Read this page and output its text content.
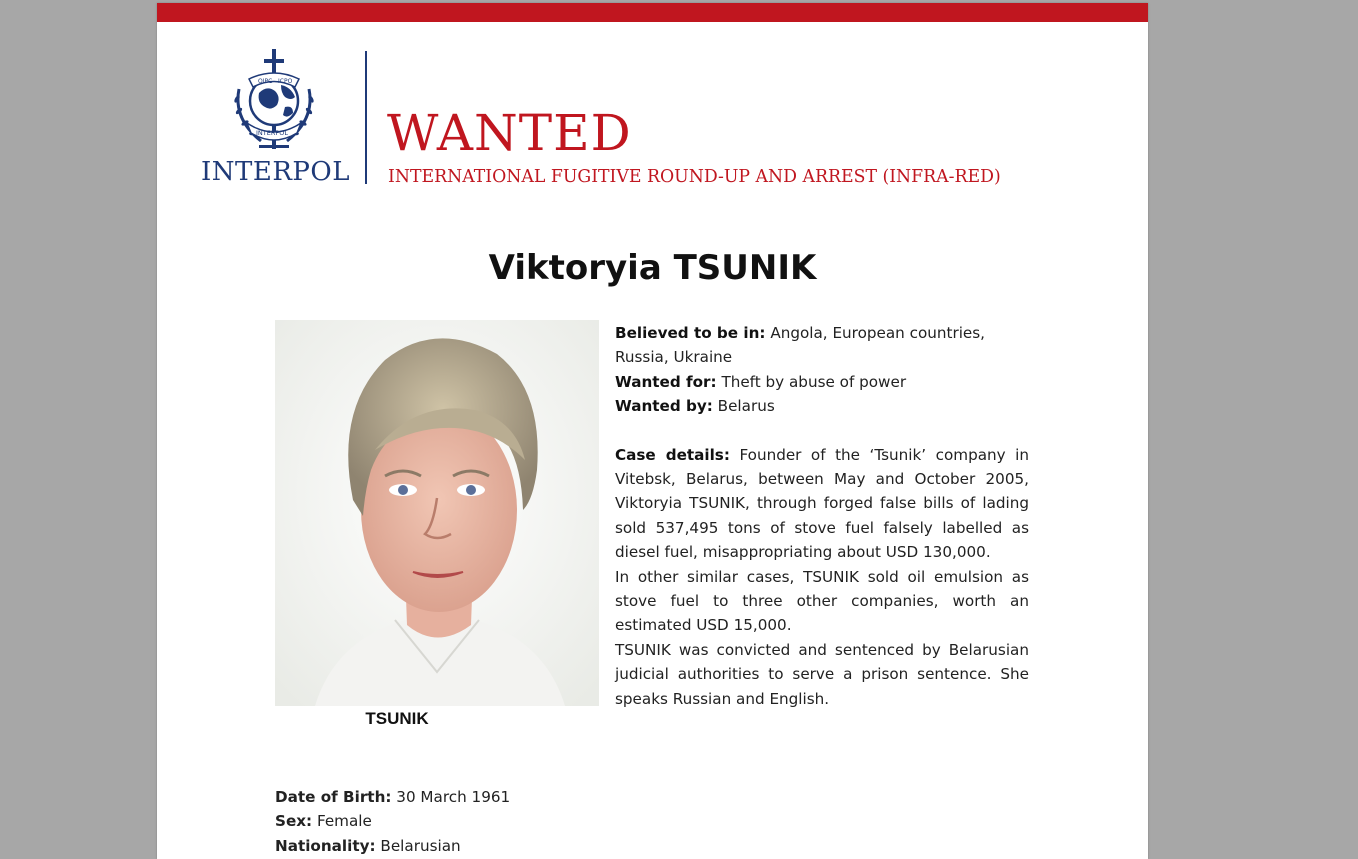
OIPC ICPO
INTERPOL
INTERPOL
WANTED
INTERNATIONAL FUGITIVE ROUND-UP AND ARREST (INFRA-RED)
Viktoryia TSUNIK
TSUNIK

Believed to be in: Angola, European countries, Russia, Ukraine

Wanted for: Theft by abuse of power

Wanted by: Belarus

Case details: Founder of the ‘Tsunik’ company in Vitebsk, Belarus, between May and October 2005, Viktoryia TSUNIK, through forged false bills of lading sold 537,495 tons of stove fuel falsely labelled as diesel fuel, misappropriating about USD 130,000.

In other similar cases, TSUNIK sold oil emulsion as stove fuel to three other companies, worth an estimated USD 15,000.

TSUNIK was convicted and sentenced by Belarusian judicial authorities to serve a prison sentence. She speaks Russian and English.

Date of Birth: 30 March 1961

Sex: Female

Nationality: Belarusian
